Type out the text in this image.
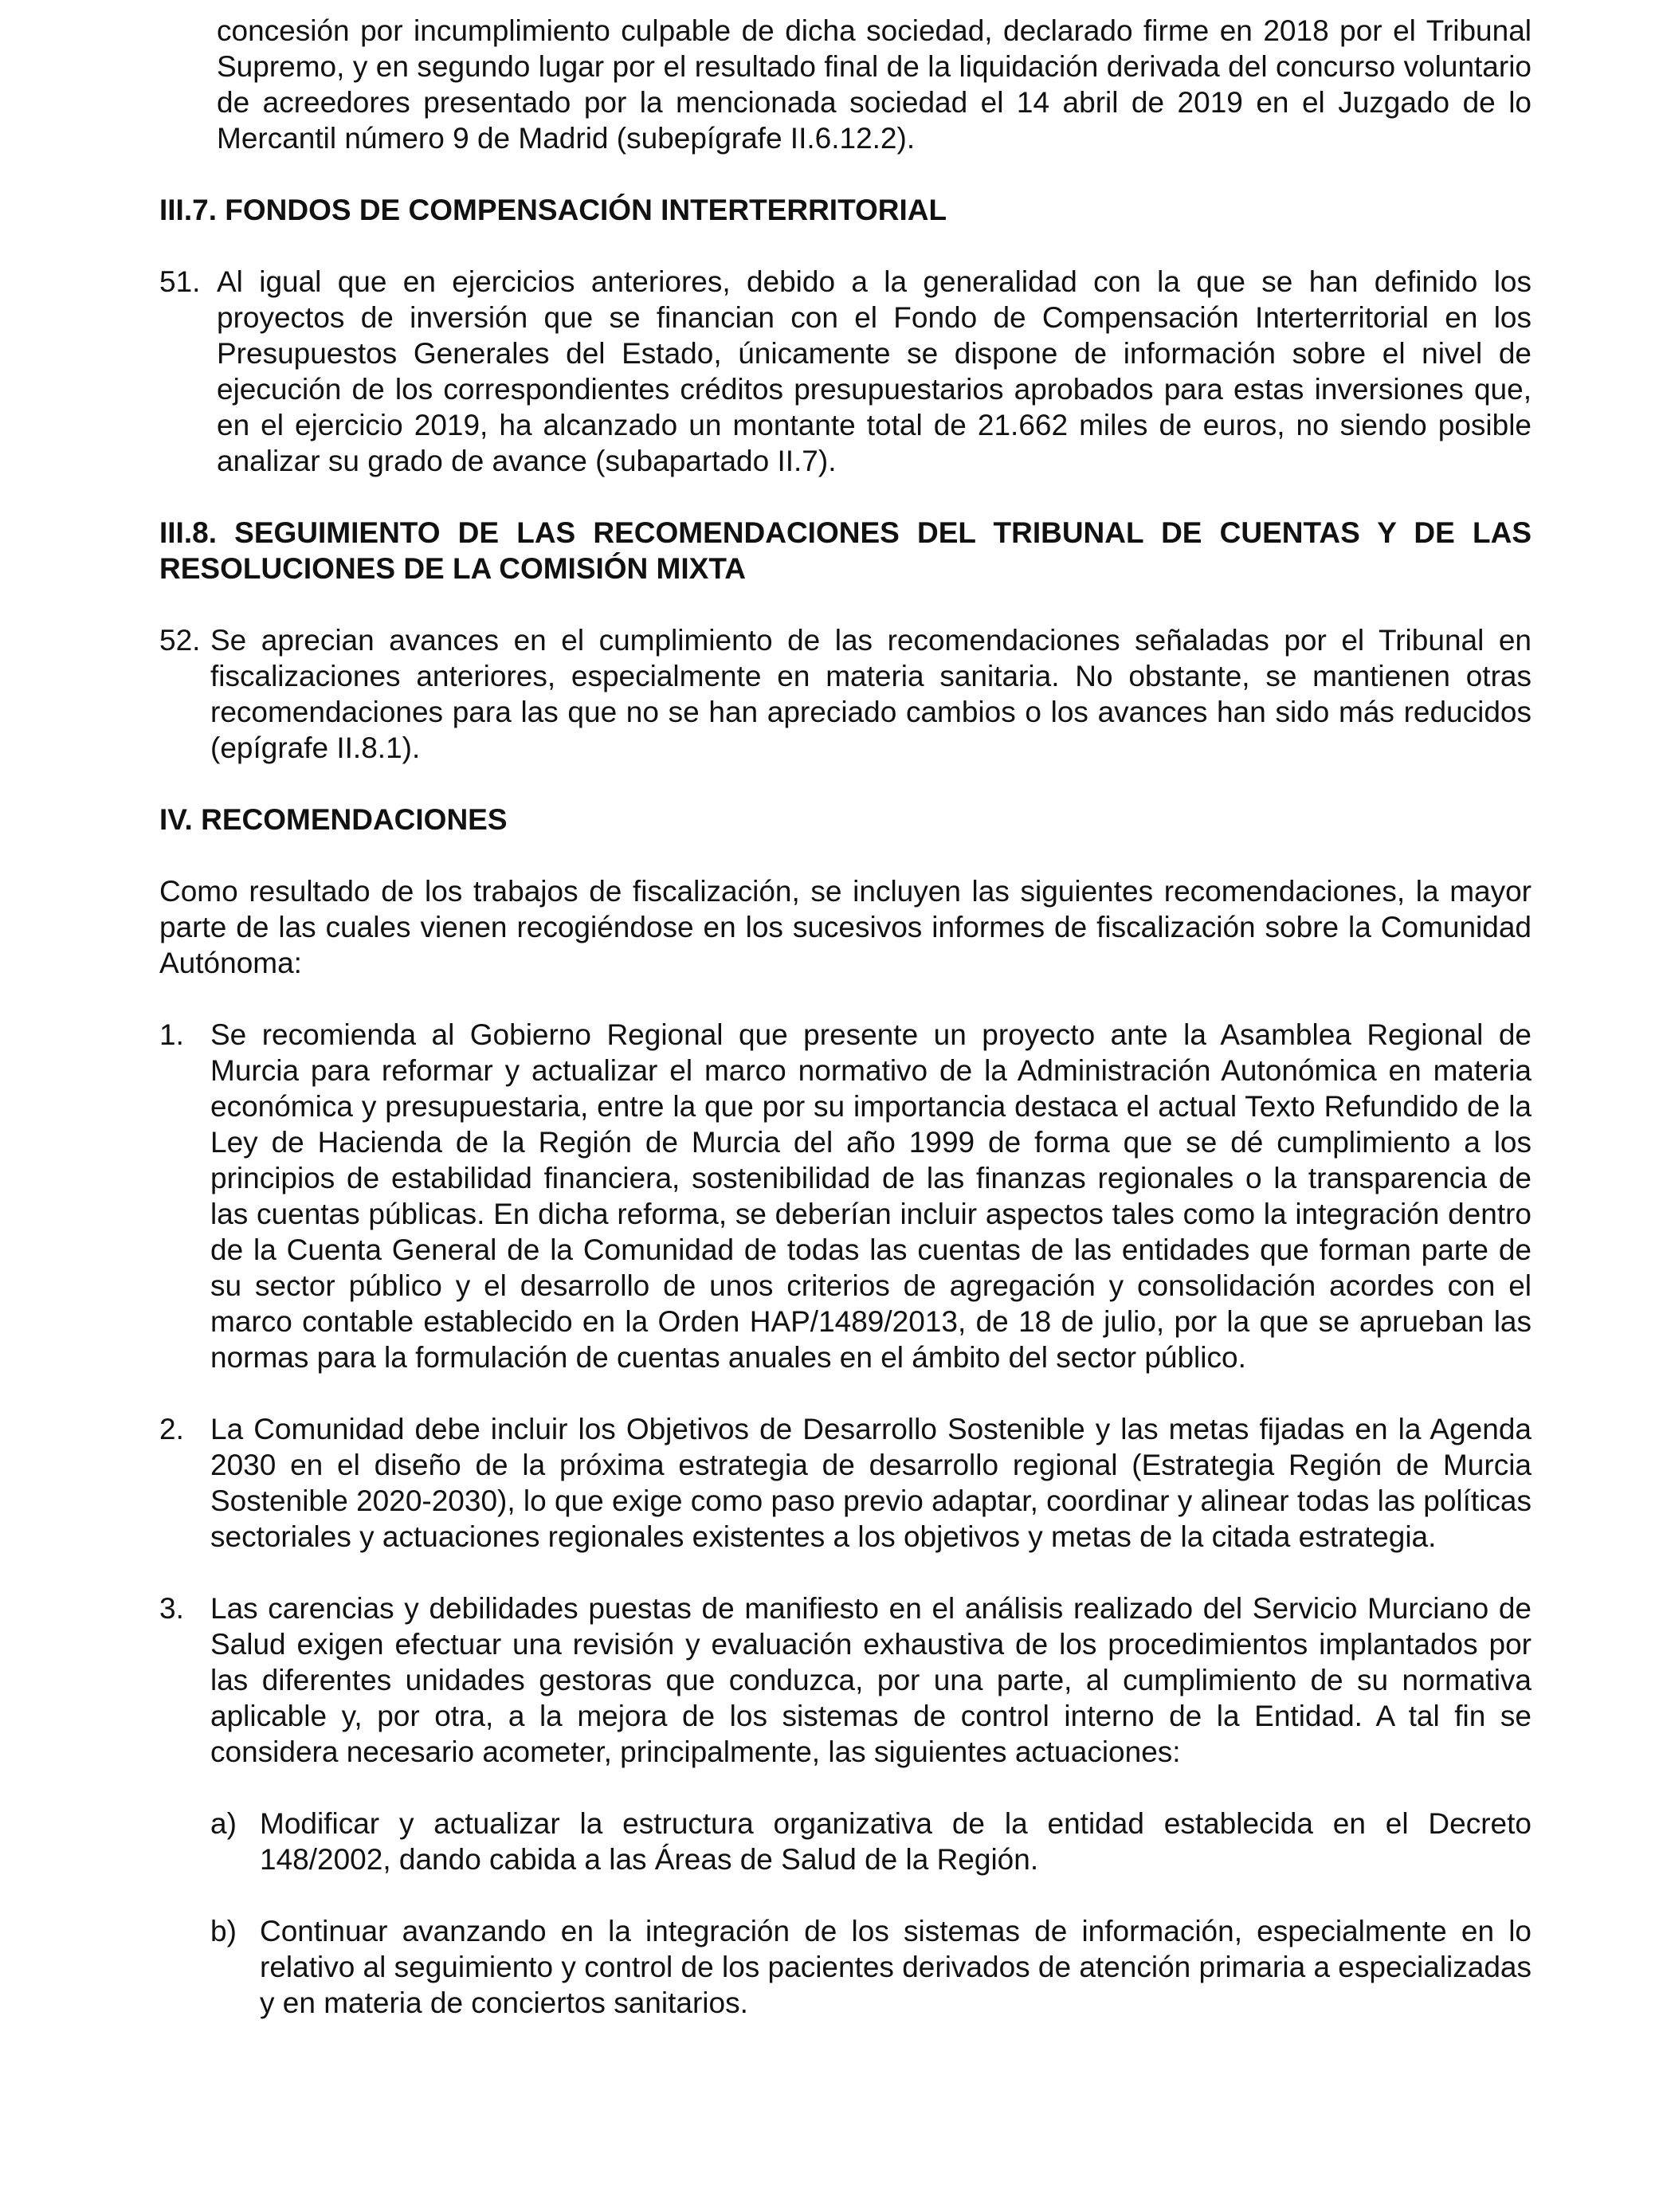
concesión por incumplimiento culpable de dicha sociedad, declarado firme en 2018 por el Tribunal Supremo, y en segundo lugar por el resultado final de la liquidación derivada del concurso voluntario de acreedores presentado por la mencionada sociedad el 14 abril de 2019 en el Juzgado de lo Mercantil número 9 de Madrid (subepígrafe II.6.12.2).

III.7. FONDOS DE COMPENSACIÓN INTERTERRITORIAL

51. Al igual que en ejercicios anteriores, debido a la generalidad con la que se han definido los proyectos de inversión que se financian con el Fondo de Compensación Interterritorial en los Presupuestos Generales del Estado, únicamente se dispone de información sobre el nivel de ejecución de los correspondientes créditos presupuestarios aprobados para estas inversiones que, en el ejercicio 2019, ha alcanzado un montante total de 21.662 miles de euros, no siendo posible analizar su grado de avance (subapartado II.7).

III.8. SEGUIMIENTO DE LAS RECOMENDACIONES DEL TRIBUNAL DE CUENTAS Y DE LAS RESOLUCIONES DE LA COMISIÓN MIXTA

52. Se aprecian avances en el cumplimiento de las recomendaciones señaladas por el Tribunal en fiscalizaciones anteriores, especialmente en materia sanitaria. No obstante, se mantienen otras recomendaciones para las que no se han apreciado cambios o los avances han sido más reducidos (epígrafe II.8.1).

IV. RECOMENDACIONES

Como resultado de los trabajos de fiscalización, se incluyen las siguientes recomendaciones, la mayor parte de las cuales vienen recogiéndose en los sucesivos informes de fiscalización sobre la Comunidad Autónoma:

1. Se recomienda al Gobierno Regional que presente un proyecto ante la Asamblea Regional de Murcia para reformar y actualizar el marco normativo de la Administración Autonómica en materia económica y presupuestaria, entre la que por su importancia destaca el actual Texto Refundido de la Ley de Hacienda de la Región de Murcia del año 1999 de forma que se dé cumplimiento a los principios de estabilidad financiera, sostenibilidad de las finanzas regionales o la transparencia de las cuentas públicas. En dicha reforma, se deberían incluir aspectos tales como la integración dentro de la Cuenta General de la Comunidad de todas las cuentas de las entidades que forman parte de su sector público y el desarrollo de unos criterios de agregación y consolidación acordes con el marco contable establecido en la Orden HAP/1489/2013, de 18 de julio, por la que se aprueban las normas para la formulación de cuentas anuales en el ámbito del sector público.

2. La Comunidad debe incluir los Objetivos de Desarrollo Sostenible y las metas fijadas en la Agenda 2030 en el diseño de la próxima estrategia de desarrollo regional (Estrategia Región de Murcia Sostenible 2020-2030), lo que exige como paso previo adaptar, coordinar y alinear todas las políticas sectoriales y actuaciones regionales existentes a los objetivos y metas de la citada estrategia.

3. Las carencias y debilidades puestas de manifiesto en el análisis realizado del Servicio Murciano de Salud exigen efectuar una revisión y evaluación exhaustiva de los procedimientos implantados por las diferentes unidades gestoras que conduzca, por una parte, al cumplimiento de su normativa aplicable y, por otra, a la mejora de los sistemas de control interno de la Entidad. A tal fin se considera necesario acometer, principalmente, las siguientes actuaciones:

a) Modificar y actualizar la estructura organizativa de la entidad establecida en el Decreto 148/2002, dando cabida a las Áreas de Salud de la Región.

b) Continuar avanzando en la integración de los sistemas de información, especialmente en lo relativo al seguimiento y control de los pacientes derivados de atención primaria a especializadas y en materia de conciertos sanitarios.
